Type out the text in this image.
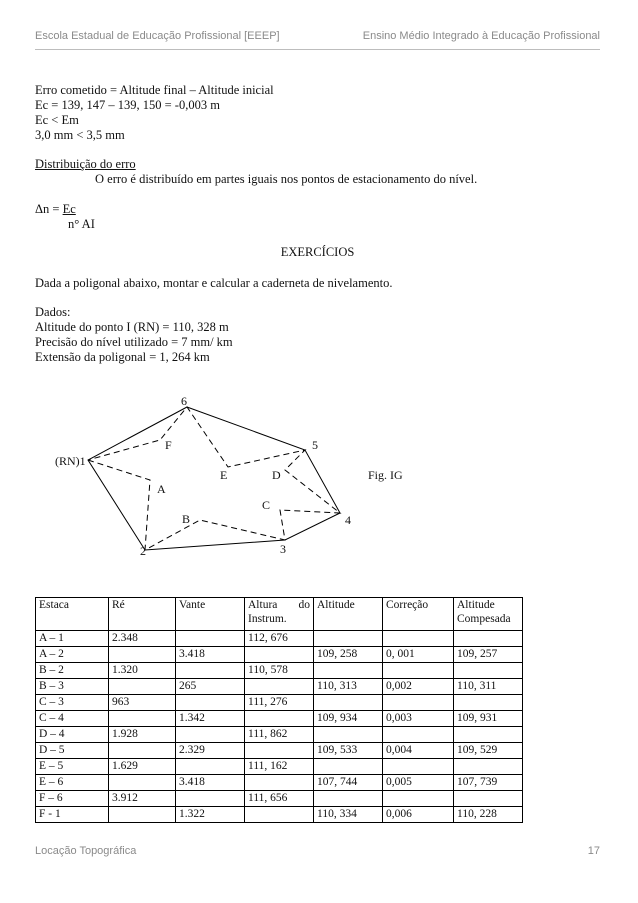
Escola Estadual de Educação Profissional [EEEP]	Ensino Médio Integrado à Educação Profissional
Erro cometido = Altitude final – Altitude inicial
Ec = 139, 147 – 139, 150 = -0,003 m
Ec < Em
3,0 mm < 3,5 mm
Distribuição do erro
O erro é distribuído em partes iguais nos pontos de estacionamento do nível.
Δn = Ec
n° AI
EXERCÍCIOS
Dada a poligonal abaixo, montar e calcular a caderneta de nivelamento.
Dados:
Altitude do ponto I (RN) = 110, 328 m
Precisão do nível utilizado = 7 mm/ km
Extensão da poligonal = 1, 264 km
(RN)1
2	3
4
5
6
A
B
C
D
E
F
Fig. IG
Estaca	Ré	Vante	Altura do
Instrum.	Altitude	Correção	Altitude
Compesada
A – 1	2.348		112, 676			
A – 2		3.418		109, 258	0, 001	109, 257
B – 2	1.320		110, 578			
B – 3		265		110, 313	0,002	110, 311
C – 3	963		111, 276			
C – 4		1.342		109, 934	0,003	109, 931
D – 4	1.928		111, 862			
D – 5		2.329		109, 533	0,004	109, 529
E – 5	1.629		111, 162			
E – 6		3.418		107, 744	0,005	107, 739
F – 6	3.912		111, 656			
F - 1		1.322		110, 334	0,006	110, 228
Locação Topográfica	17
